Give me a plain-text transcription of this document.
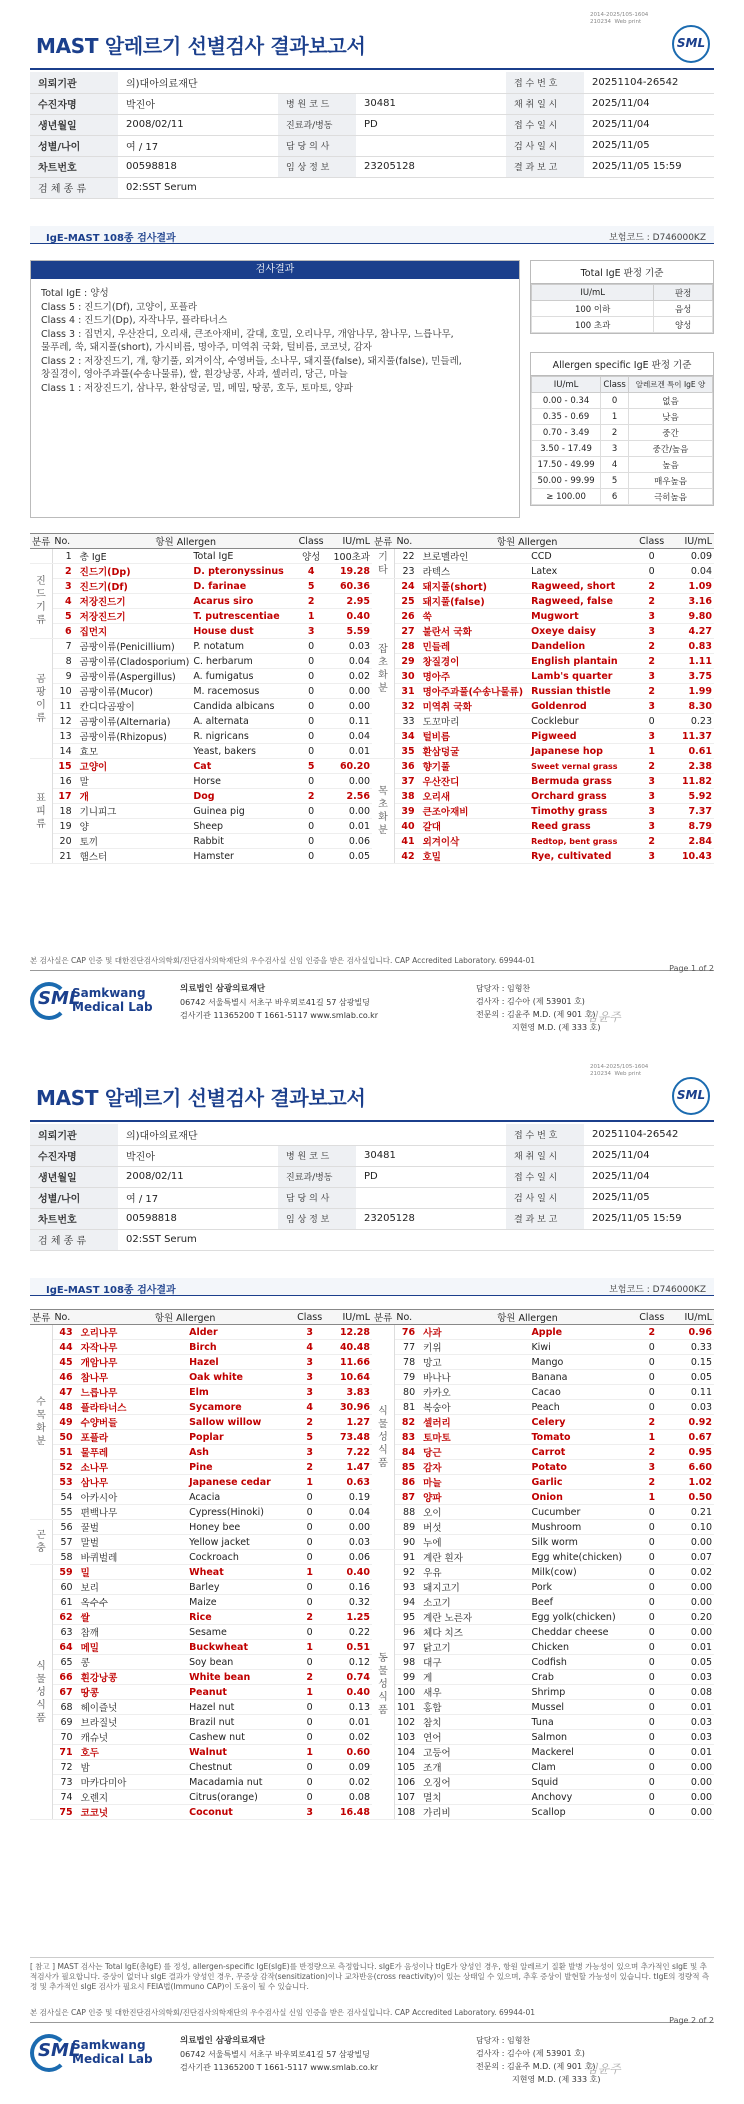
2014-2025/105-1604
210234  Web print
MAST 알레르기 선별검사 결과보고서	SML
의뢰기관	의)대아의료재단			접 수 번 호	20251104-26542
수진자명	박진아	병 원 코 드	30481	채 취 일 시	2025/11/04
생년월일	2008/02/11	진료과/병동	PD	접 수 일 시	2025/11/04
성별/나이	여 / 17	담 당 의 사		검 사 일 시	2025/11/05
차트번호	00598818	임 상 정 보	23205128	결 과 보 고	2025/11/05 15:59
검 체 종 류	02:SST Serum				
IgE-MAST 108종 검사결과	보험코드 : D746000KZ
검사결과
Total IgE : 양성
Class 5 : 진드기(Df), 고양이, 포플라
Class 4 : 진드기(Dp), 자작나무, 플라타너스
Class 3 : 집먼지, 우산잔디, 오리새, 큰조아재비, 갈대, 호밀, 오리나무, 개암나무, 참나무, 느릅나무,
물푸레, 쑥, 돼지풀(short), 가시비름, 명아주, 미역취 국화, 털비름, 코코넛, 감자
Class 2 : 저장진드기, 개, 향기풀, 외겨이삭, 수영버들, 소나무, 돼지풀(false), 돼지풀(false), 민들레,
창질경이, 영아주과풀(수송나물류), 쌀, 흰강낭콩, 사과, 셀러리, 당근, 마늘
Class 1 : 저장진드기, 삼나무, 환삼덩굴, 밀, 메밀, 땅콩, 호두, 토마토, 양파
Total IgE 판정 기준
IU/mL	판정
100 이하	음성
100 초과	양성
Allergen specific IgE 판정 기준
IU/mL	Class	알레르겐 특이 IgE 양
0.00 - 0.34	0	없음
0.35 - 0.69	1	낮음
0.70 - 3.49	2	중간
3.50 - 17.49	3	중간/높음
17.50 - 49.99	4	높음
50.00 - 99.99	5	매우높음
≥ 100.00	6	극히높음
분류	No.	항원 Allergen		Class	IU/mL
	1	총 IgE	Total IgE	양성	100초과
진
드
기
류	2	진드기(Dp)	D. pteronyssinus	4	19.28
	3	진드기(Df)	D. farinae	5	60.36
	4	저장진드기	Acarus siro	2	2.95
	5	저장진드기	T. putrescentiae	1	0.40
	6	집먼지	House dust	3	5.59
곰
팡
이
류	7	곰팡이류(Penicillium)	P. notatum	0	0.03
	8	곰팡이류(Cladosporium)	C. herbarum	0	0.04
	9	곰팡이류(Aspergillus)	A. fumigatus	0	0.02
	10	곰팡이류(Mucor)	M. racemosus	0	0.00
	11	칸디다곰팡이	Candida albicans	0	0.00
	12	곰팡이류(Alternaria)	A. alternata	0	0.11
	13	곰팡이류(Rhizopus)	R. nigricans	0	0.04
	14	효모	Yeast, bakers	0	0.01
표
피
류	15	고양이	Cat	5	60.20
	16	말	Horse	0	0.00
	17	개	Dog	2	2.56
	18	기니피그	Guinea pig	0	0.00
	19	양	Sheep	0	0.01
	20	토끼	Rabbit	0	0.06
	21	햄스터	Hamster	0	0.05
분류	No.	항원 Allergen		Class	IU/mL
기
타	22	브로멜라인	CCD	0	0.09
	23	라텍스	Latex	0	0.04
잡
초
화
분	24	돼지풀(short)	Ragweed, short	2	1.09
	25	돼지풀(false)	Ragweed, false	2	3.16
	26	쑥	Mugwort	3	9.80
	27	불란서 국화	Oxeye daisy	3	4.27
	28	민들레	Dandelion	2	0.83
	29	창질경이	English plantain	2	1.11
	30	명아주	Lamb's quarter	3	3.75
	31	명아주과풀(수송나물류)	Russian thistle	2	1.99
	32	미역취 국화	Goldenrod	3	8.30
	33	도꼬마리	Cocklebur	0	0.23
	34	털비름	Pigweed	3	11.37
	35	환삼덩굴	Japanese hop	1	0.61
목
초
화
분	36	향기풀	Sweet vernal grass	2	2.38
	37	우산잔디	Bermuda grass	3	11.82
	38	오리새	Orchard grass	3	5.92
	39	큰조아재비	Timothy grass	3	7.37
	40	갈대	Reed grass	3	8.79
	41	외겨이삭	Redtop, bent grass	2	2.84
	42	호밀	Rye, cultivated	3	10.43
본 검사실은 CAP 인증 및 대한진단검사의학회/진단검사의학재단의 우수검사실 신임 인증을 받은 검사실입니다. CAP Accredited Laboratory. 69944-01
Page 1 of 2
SML
Samkwang
Medical Lab
의료법인 삼광의료재단
06742 서울특별시 서초구 바우뫼로41길 57 삼광빌딩
검사기관 11365200 T 1661-5117 www.smlab.co.kr
담당자 : 임형찬
검사자 : 김수아 (제 53901 호)
전문의 : 김윤주 M.D. (제 901 호)
지현영 M.D. (제 333 호)
김윤주
2014-2025/105-1604
210234  Web print
MAST 알레르기 선별검사 결과보고서	SML
의뢰기관	의)대아의료재단			접 수 번 호	20251104-26542
수진자명	박진아	병 원 코 드	30481	채 취 일 시	2025/11/04
생년월일	2008/02/11	진료과/병동	PD	접 수 일 시	2025/11/04
성별/나이	여 / 17	담 당 의 사		검 사 일 시	2025/11/05
차트번호	00598818	임 상 정 보	23205128	결 과 보 고	2025/11/05 15:59
검 체 종 류	02:SST Serum				
IgE-MAST 108종 검사결과	보험코드 : D746000KZ
분류	No.	항원 Allergen		Class	IU/mL
수
목
화
분	43	오리나무	Alder	3	12.28
	44	자작나무	Birch	4	40.48
	45	개암나무	Hazel	3	11.66
	46	참나무	Oak white	3	10.64
	47	느릅나무	Elm	3	3.83
	48	플라타너스	Sycamore	4	30.96
	49	수양버들	Sallow willow	2	1.27
	50	포플라	Poplar	5	73.48
	51	물푸레	Ash	3	7.22
	52	소나무	Pine	2	1.47
	53	삼나무	Japanese cedar	1	0.63
	54	아카시아	Acacia	0	0.19
	55	편백나무	Cypress(Hinoki)	0	0.04
곤
충	56	꿀벌	Honey bee	0	0.00
	57	말벌	Yellow jacket	0	0.03
	58	바퀴벌레	Cockroach	0	0.06
식
물
성
식
품	59	밀	Wheat	1	0.40
	60	보리	Barley	0	0.16
	61	옥수수	Maize	0	0.32
	62	쌀	Rice	2	1.25
	63	참깨	Sesame	0	0.22
	64	메밀	Buckwheat	1	0.51
	65	콩	Soy bean	0	0.12
	66	흰강낭콩	White bean	2	0.74
	67	땅콩	Peanut	1	0.40
	68	헤이즐넛	Hazel nut	0	0.13
	69	브라질넛	Brazil nut	0	0.01
	70	캐슈넛	Cashew nut	0	0.02
	71	호두	Walnut	1	0.60
	72	밤	Chestnut	0	0.09
	73	마카다미아	Macadamia nut	0	0.02
	74	오렌지	Citrus(orange)	0	0.08
	75	코코넛	Coconut	3	16.48
분류	No.	항원 Allergen		Class	IU/mL
식
물
성
식
품	76	사과	Apple	2	0.96
	77	키위	Kiwi	0	0.33
	78	망고	Mango	0	0.15
	79	바나나	Banana	0	0.05
	80	카카오	Cacao	0	0.11
	81	복숭아	Peach	0	0.03
	82	셀러리	Celery	2	0.92
	83	토마토	Tomato	1	0.67
	84	당근	Carrot	2	0.95
	85	감자	Potato	3	6.60
	86	마늘	Garlic	2	1.02
	87	양파	Onion	1	0.50
	88	오이	Cucumber	0	0.21
	89	버섯	Mushroom	0	0.10
	90	누에	Silk worm	0	0.00
동
물
성
식
품	91	계란 흰자	Egg white(chicken)	0	0.07
	92	우유	Milk(cow)	0	0.02
	93	돼지고기	Pork	0	0.00
	94	소고기	Beef	0	0.00
	95	계란 노른자	Egg yolk(chicken)	0	0.20
	96	체다 치즈	Cheddar cheese	0	0.00
	97	닭고기	Chicken	0	0.01
	98	대구	Codfish	0	0.05
	99	게	Crab	0	0.03
	100	새우	Shrimp	0	0.08
	101	홍합	Mussel	0	0.01
	102	참치	Tuna	0	0.03
	103	연어	Salmon	0	0.03
	104	고등어	Mackerel	0	0.01
	105	조개	Clam	0	0.00
	106	오징어	Squid	0	0.00
	107	멸치	Anchovy	0	0.00
	108	가리비	Scallop	0	0.00
[ 참고 ] MAST 검사는 Total IgE(총IgE) 를 정성, allergen-specific IgE(sIgE)를 반정량으로 측정합니다. sIgE가 음성이나 tIgE가 양성인 경우, 항원 알레르기 질환 발병 가능성이 있으며 추가적인 sIgE 및 추적검사가 필요합니다. 증상이 없더나 sIgE 결과가 양성인 경우, 무증상 감작(sensitization)이나 교차반응(cross reactivity)이 있는 상태일 수 있으며, 추후 증상이 발현할 가능성이 있습니다. tIgE의 정량적 측정 및 추가적인 sIgE 검사가 필요시 FEIA법(Immuno CAP)이 도움이 될 수 있습니다.
본 검사실은 CAP 인증 및 대한진단검사의학회/진단검사의학재단의 우수검사실 신임 인증을 받은 검사실입니다. CAP Accredited Laboratory. 69944-01
Page 2 of 2
SML
Samkwang
Medical Lab
의료법인 삼광의료재단
06742 서울특별시 서초구 바우뫼로41길 57 삼광빌딩
검사기관 11365200 T 1661-5117 www.smlab.co.kr
담당자 : 임형찬
검사자 : 김수아 (제 53901 호)
전문의 : 김윤주 M.D. (제 901 호)
지현영 M.D. (제 333 호)
김윤주
